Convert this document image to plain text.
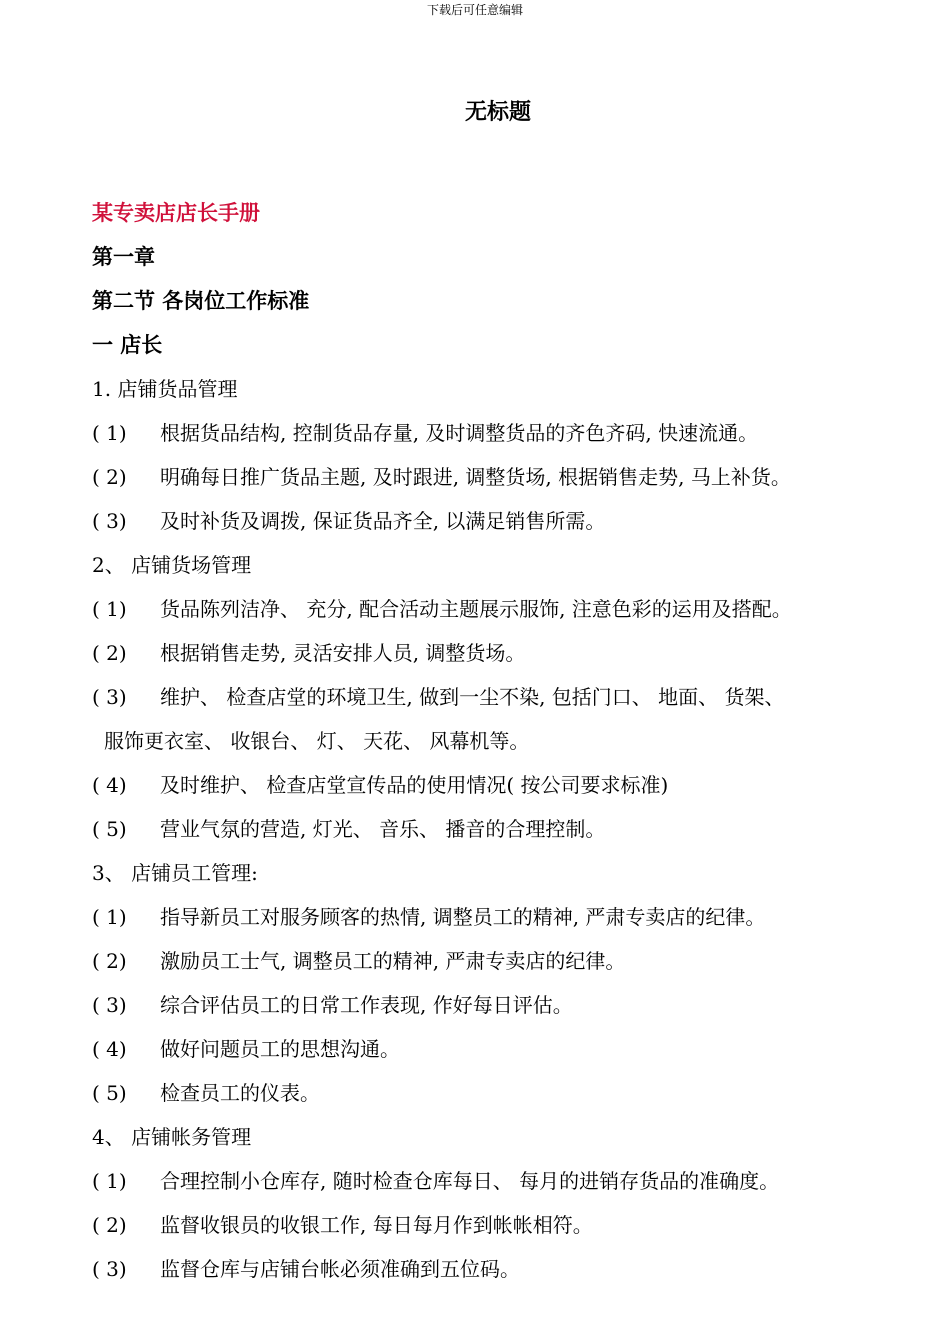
下载后可任意编辑
无标题
某专卖店店长手册
第一章
第二节 各岗位工作标准
一 店长
1. 店铺货品管理
( 1) 根据货品结构, 控制货品存量, 及时调整货品的齐色齐码, 快速流通。
( 2) 明确每日推广货品主题, 及时跟进, 调整货场, 根据销售走势, 马上补货。
( 3) 及时补货及调拨, 保证货品齐全, 以满足销售所需。
2、 店铺货场管理
( 1) 货品陈列洁净、 充分, 配合活动主题展示服饰, 注意色彩的运用及搭配。
( 2) 根据销售走势, 灵活安排人员, 调整货场。
( 3) 维护、 检查店堂的环境卫生, 做到一尘不染, 包括门口、 地面、 货架、
服饰更衣室、 收银台、 灯、 天花、 风幕机等。
( 4) 及时维护、 检查店堂宣传品的使用情况( 按公司要求标准)
( 5) 营业气氛的营造, 灯光、 音乐、 播音的合理控制。
3、 店铺员工管理:
( 1) 指导新员工对服务顾客的热情, 调整员工的精神, 严肃专卖店的纪律。
( 2) 激励员工士气, 调整员工的精神, 严肃专卖店的纪律。
( 3) 综合评估员工的日常工作表现, 作好每日评估。
( 4) 做好问题员工的思想沟通。
( 5) 检查员工的仪表。
4、 店铺帐务管理
( 1) 合理控制小仓库存, 随时检查仓库每日、 每月的进销存货品的准确度。
( 2) 监督收银员的收银工作, 每日每月作到帐帐相符。
( 3) 监督仓库与店铺台帐必须准确到五位码。
